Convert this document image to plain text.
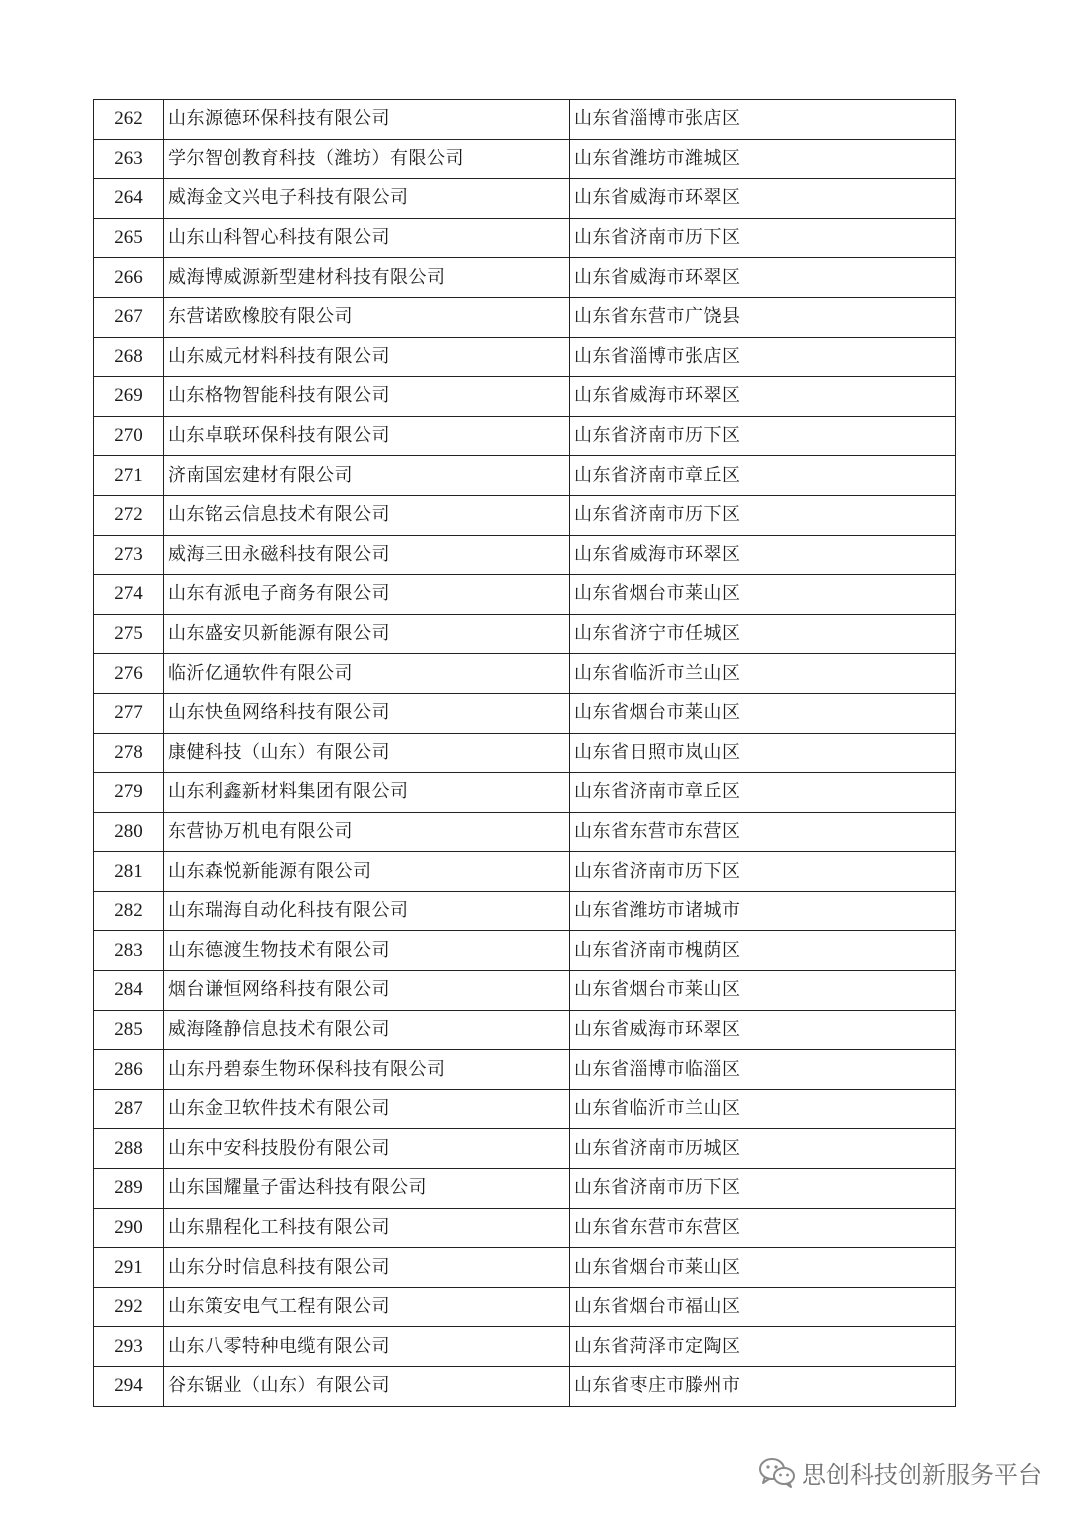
262	山东源德环保科技有限公司	山东省淄博市张店区
263	学尔智创教育科技（潍坊）有限公司	山东省潍坊市潍城区
264	威海金文兴电子科技有限公司	山东省威海市环翠区
265	山东山科智心科技有限公司	山东省济南市历下区
266	威海博威源新型建材科技有限公司	山东省威海市环翠区
267	东营诺欧橡胶有限公司	山东省东营市广饶县
268	山东威元材料科技有限公司	山东省淄博市张店区
269	山东格物智能科技有限公司	山东省威海市环翠区
270	山东卓联环保科技有限公司	山东省济南市历下区
271	济南国宏建材有限公司	山东省济南市章丘区
272	山东铭云信息技术有限公司	山东省济南市历下区
273	威海三田永磁科技有限公司	山东省威海市环翠区
274	山东有派电子商务有限公司	山东省烟台市莱山区
275	山东盛安贝新能源有限公司	山东省济宁市任城区
276	临沂亿通软件有限公司	山东省临沂市兰山区
277	山东快鱼网络科技有限公司	山东省烟台市莱山区
278	康健科技（山东）有限公司	山东省日照市岚山区
279	山东利鑫新材料集团有限公司	山东省济南市章丘区
280	东营协万机电有限公司	山东省东营市东营区
281	山东森悦新能源有限公司	山东省济南市历下区
282	山东瑞海自动化科技有限公司	山东省潍坊市诸城市
283	山东德渡生物技术有限公司	山东省济南市槐荫区
284	烟台谦恒网络科技有限公司	山东省烟台市莱山区
285	威海隆静信息技术有限公司	山东省威海市环翠区
286	山东丹碧泰生物环保科技有限公司	山东省淄博市临淄区
287	山东金卫软件技术有限公司	山东省临沂市兰山区
288	山东中安科技股份有限公司	山东省济南市历城区
289	山东国耀量子雷达科技有限公司	山东省济南市历下区
290	山东鼎程化工科技有限公司	山东省东营市东营区
291	山东分时信息科技有限公司	山东省烟台市莱山区
292	山东策安电气工程有限公司	山东省烟台市福山区
293	山东八零特种电缆有限公司	山东省菏泽市定陶区
294	谷东锯业（山东）有限公司	山东省枣庄市滕州市
思创科技创新服务平台
